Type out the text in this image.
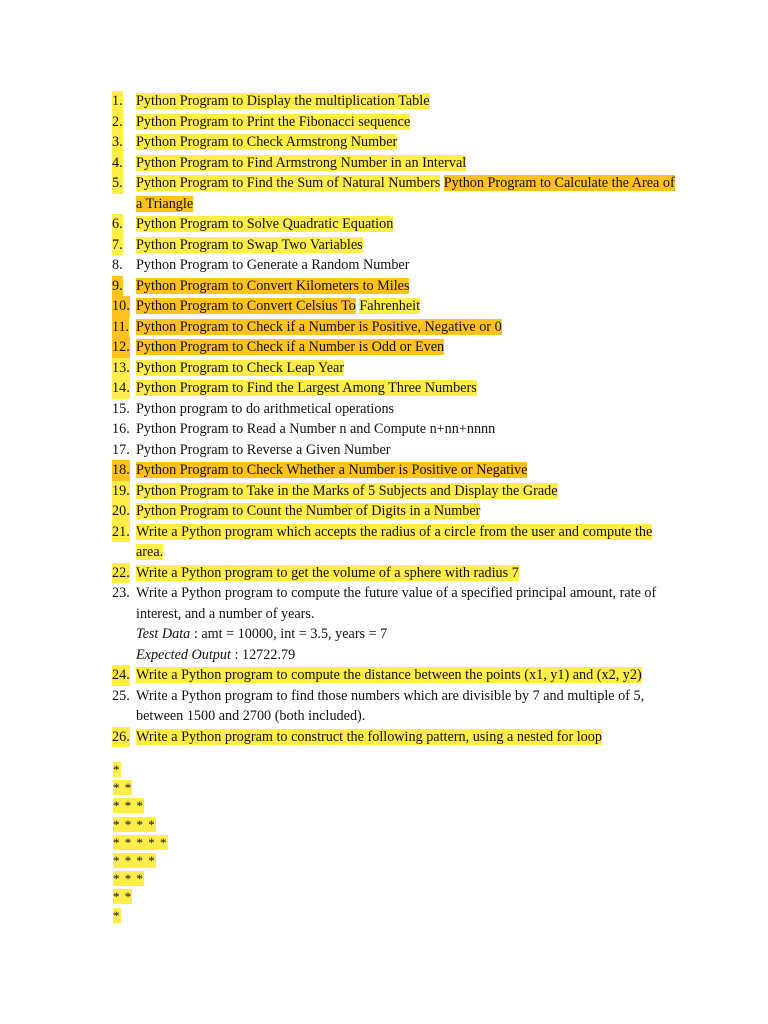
1. Python Program to Display the multiplication Table
2. Python Program to Print the Fibonacci sequence
3. Python Program to Check Armstrong Number
4. Python Program to Find Armstrong Number in an Interval
5. Python Program to Find the Sum of Natural Numbers Python Program to Calculate the Area of a Triangle
6. Python Program to Solve Quadratic Equation
7. Python Program to Swap Two Variables
8. Python Program to Generate a Random Number
9. Python Program to Convert Kilometers to Miles
10. Python Program to Convert Celsius To Fahrenheit
11. Python Program to Check if a Number is Positive, Negative or 0
12. Python Program to Check if a Number is Odd or Even
13. Python Program to Check Leap Year
14. Python Program to Find the Largest Among Three Numbers
15. Python program to do arithmetical operations
16. Python Program to Read a Number n and Compute n+nn+nnnn
17. Python Program to Reverse a Given Number
18. Python Program to Check Whether a Number is Positive or Negative
19. Python Program to Take in the Marks of 5 Subjects and Display the Grade
20. Python Program to Count the Number of Digits in a Number
21. Write a Python program which accepts the radius of a circle from the user and compute the area.
22. Write a Python program to get the volume of a sphere with radius 7
23. Write a Python program to compute the future value of a specified principal amount, rate of interest, and a number of years.
Test Data : amt = 10000, int = 3.5, years = 7
Expected Output : 12722.79
24. Write a Python program to compute the distance between the points (x1, y1) and (x2, y2)
25. Write a Python program to find those numbers which are divisible by 7 and multiple of 5, between 1500 and 2700 (both included).
26. Write a Python program to construct the following pattern, using a nested for loop
*
* *
* * *
* * * *
* * * * *
* * * *
* * *
* *
*
